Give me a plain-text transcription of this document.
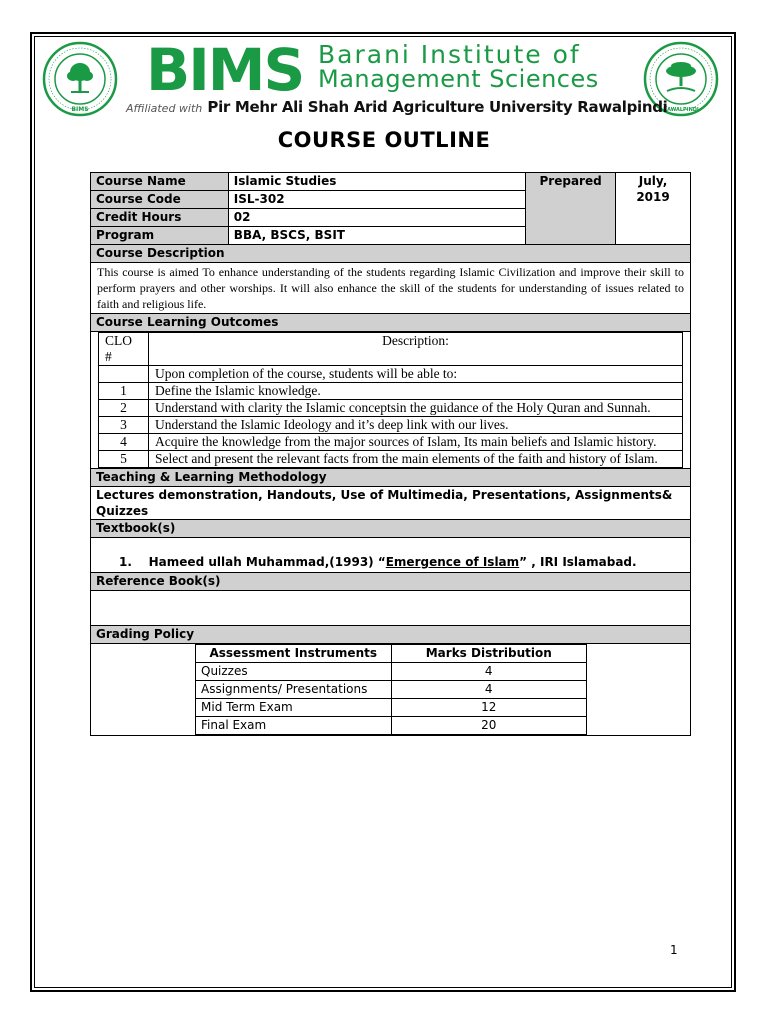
BIMS	RAWALPINDI
BIMS Barani Institute of
Management Sciences
Affiliated with Pir Mehr Ali Shah Arid Agriculture University Rawalpindi
COURSE OUTLINE
Course Name	Islamic Studies	Prepared	July, 2019
Course Code	ISL-302
Credit Hours	02
Program	BBA, BSCS, BSIT
Course Description
This course is aimed To enhance understanding of the students regarding Islamic Civilization and improve their skill to perform prayers and other worships. It will also enhance the skill of the students for understanding of issues related to faith and religious life.
Course Learning Outcomes

CLO #	Description:
	Upon completion of the course, students will be able to:
1	Define the Islamic knowledge.
2	Understand with clarity the Islamic conceptsin the guidance of the Holy Quran and Sunnah.
3	Understand the Islamic Ideology and it’s deep link with our lives.
4	Acquire the knowledge from the major sources of Islam, Its main beliefs and Islamic history.
5	Select and present the relevant facts from the main elements of the faith and history of Islam.

Teaching & Learning Methodology
Lectures demonstration, Handouts, Use of Multimedia, Presentations, Assignments& Quizzes
Textbook(s)
1. Hameed ullah Muhammad,(1993) “Emergence of Islam” , IRI Islamabad.
Reference Book(s)

Grading Policy

Assessment Instruments	Marks Distribution
Quizzes	4
Assignments/ Presentations	4
Mid Term Exam	12
Final Exam	20
1
